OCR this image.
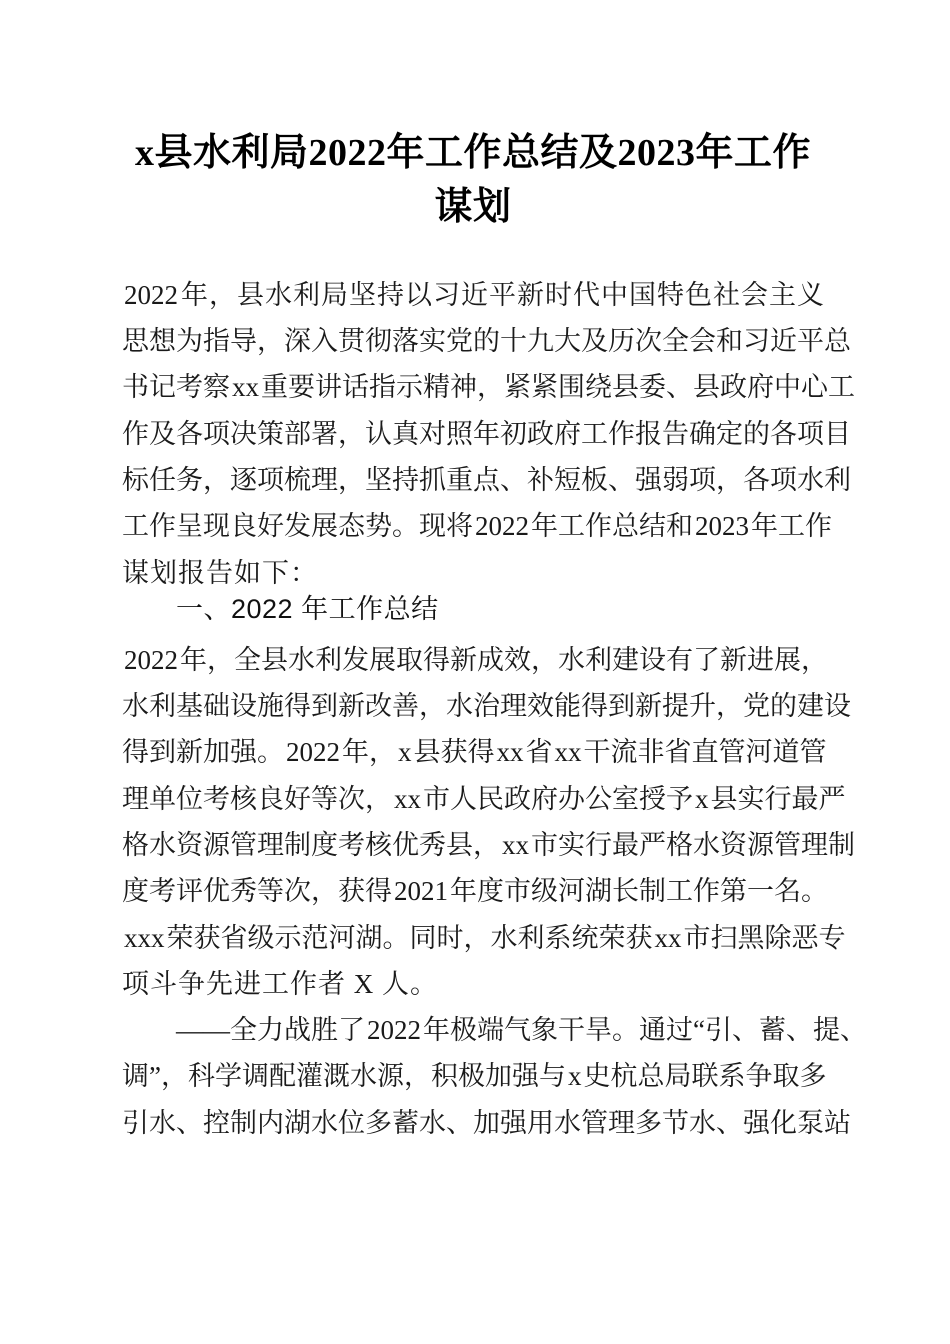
x县水利局2022年工作总结及2023年工作谋划
2022 年 ， 县 水 利 局 坚 持 以 习 近 平 新 时 代 中 国 特 色 社 会 主 义
思 想 为 指 导 ， 深 入 贯 彻 落 实 党 的 十 九 大 及 历 次 全 会 和 习 近 平 总
书 记 考 察 xx 重 要 讲 话 指 示 精 神 ， 紧 紧 围 绕 县 委 、 县 政 府 中 心 工
作 及 各 项 决 策 部 署 ， 认 真 对 照 年 初 政 府 工 作 报 告 确 定 的 各 项 目
标 任 务 ， 逐 项 梳 理 ， 坚 持 抓 重 点 、 补 短 板 、 强 弱 项 ， 各 项 水 利
工 作 呈 现 良 好 发 展 态 势 。 现 将 2022 年 工 作 总 结 和 2023 年 工 作
谋划报告如下：
一、2022 年工作总结
2022 年 ， 全 县 水 利 发 展 取 得 新 成 效 ， 水 利 建 设 有 了 新 进 展 ，
水 利 基 础 设 施 得 到 新 改 善 ， 水 治 理 效 能 得 到 新 提 升 ， 党 的 建 设
得 到 新 加 强 。 2022 年 ， x 县 获 得 xx 省 xx 干 流 非 省 直 管 河 道 管
理 单 位 考 核 良 好 等 次 ， xx 市 人 民 政 府 办 公 室 授 予 x 县 实 行 最 严
格 水 资 源 管 理 制 度 考 核 优 秀 县 ， xx 市 实 行 最 严 格 水 资 源 管 理 制
度 考 评 优 秀 等 次 ， 获 得 2021 年 度 市 级 河 湖 长 制 工 作 第 一 名 。
xxx 荣 获 省 级 示 范 河 湖 。 同 时 ， 水 利 系 统 荣 获 xx 市 扫 黑 除 恶 专
项斗争先进工作者 X 人。
— — 全 力 战 胜 了 2022 年 极 端 气 象 干 旱 。 通 过 “ 引 、 蓄 、 提 、
调 ” ， 科 学 调 配 灌 溉 水 源 ， 积 极 加 强 与 x 史 杭 总 局 联 系 争 取 多
引 水 、 控 制 内 湖 水 位 多 蓄 水 、 加 强 用 水 管 理 多 节 水 、 强 化 泵 站
